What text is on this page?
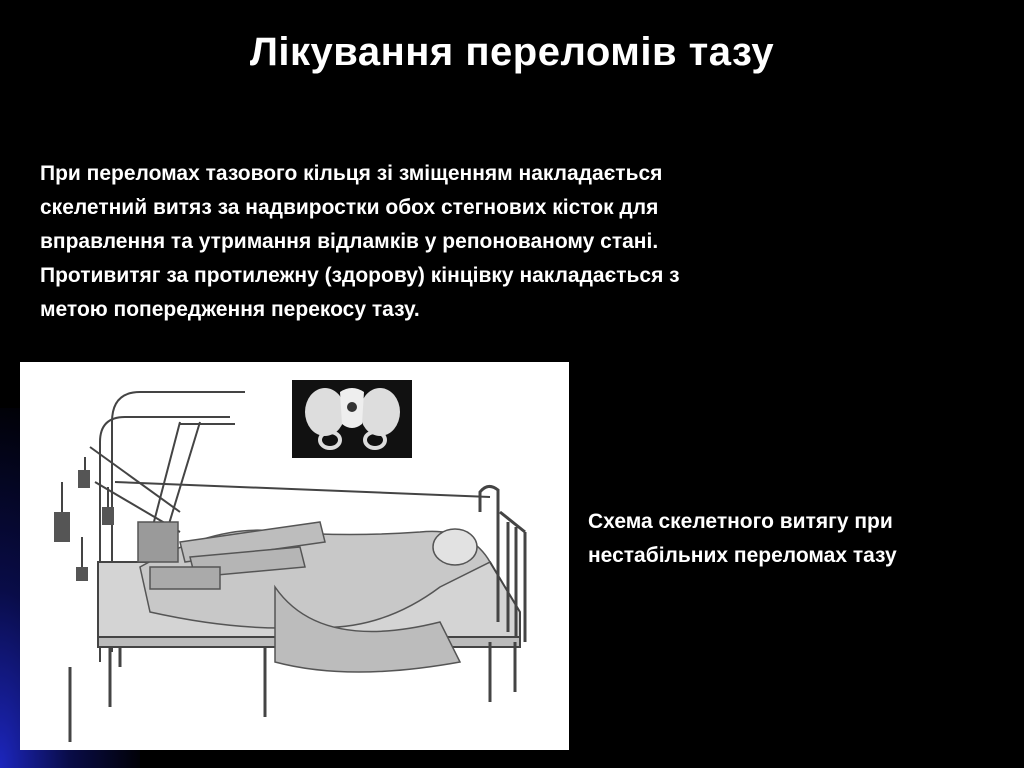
Лікування переломів тазу
При переломах тазового кільця зі зміщенням накладається
скелетний витяз за надвиростки обох стегнових кісток для
вправлення та утримання відламків у репонованому стані.
Противитяг за протилежну (здорову) кінцівку накладається з
метою попередження перекосу тазу.
Схема скелетного витягу при
нестабільних переломах тазу
